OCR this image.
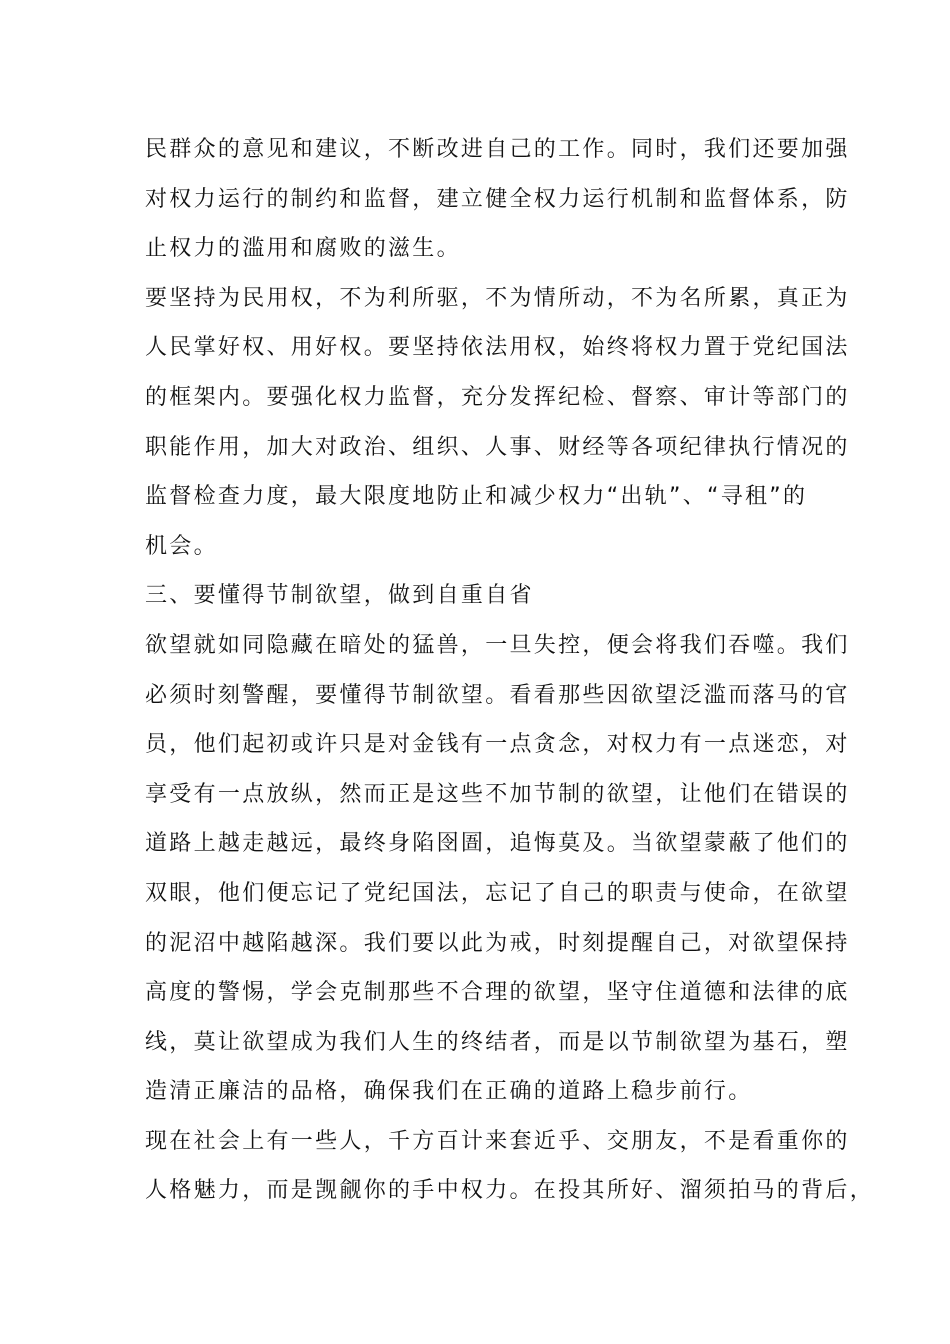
民群众的意见和建议，不断改进自己的工作。同时，我们还要加强
对权力运行的制约和监督，建立健全权力运行机制和监督体系，防
止权力的滥用和腐败的滋生。
要坚持为民用权，不为利所驱，不为情所动，不为名所累，真正为
人民掌好权、用好权。要坚持依法用权，始终将权力置于党纪国法
的框架内。要强化权力监督，充分发挥纪检、督察、审计等部门的
职能作用，加大对政治、组织、人事、财经等各项纪律执行情况的
监督检查力度，最大限度地防止和减少权力“出轨”、“寻租”的
机会。
三、要懂得节制欲望，做到自重自省
欲望就如同隐藏在暗处的猛兽，一旦失控，便会将我们吞噬。我们
必须时刻警醒，要懂得节制欲望。看看那些因欲望泛滥而落马的官
员，他们起初或许只是对金钱有一点贪念，对权力有一点迷恋，对
享受有一点放纵，然而正是这些不加节制的欲望，让他们在错误的
道路上越走越远，最终身陷囹圄，追悔莫及。当欲望蒙蔽了他们的
双眼，他们便忘记了党纪国法，忘记了自己的职责与使命，在欲望
的泥沼中越陷越深。我们要以此为戒，时刻提醒自己，对欲望保持
高度的警惕，学会克制那些不合理的欲望，坚守住道德和法律的底
线，莫让欲望成为我们人生的终结者，而是以节制欲望为基石，塑
造清正廉洁的品格，确保我们在正确的道路上稳步前行。
现在社会上有一些人，千方百计来套近乎、交朋友，不是看重你的
人格魅力，而是觊觎你的手中权力。在投其所好、溜须拍马的背后，
